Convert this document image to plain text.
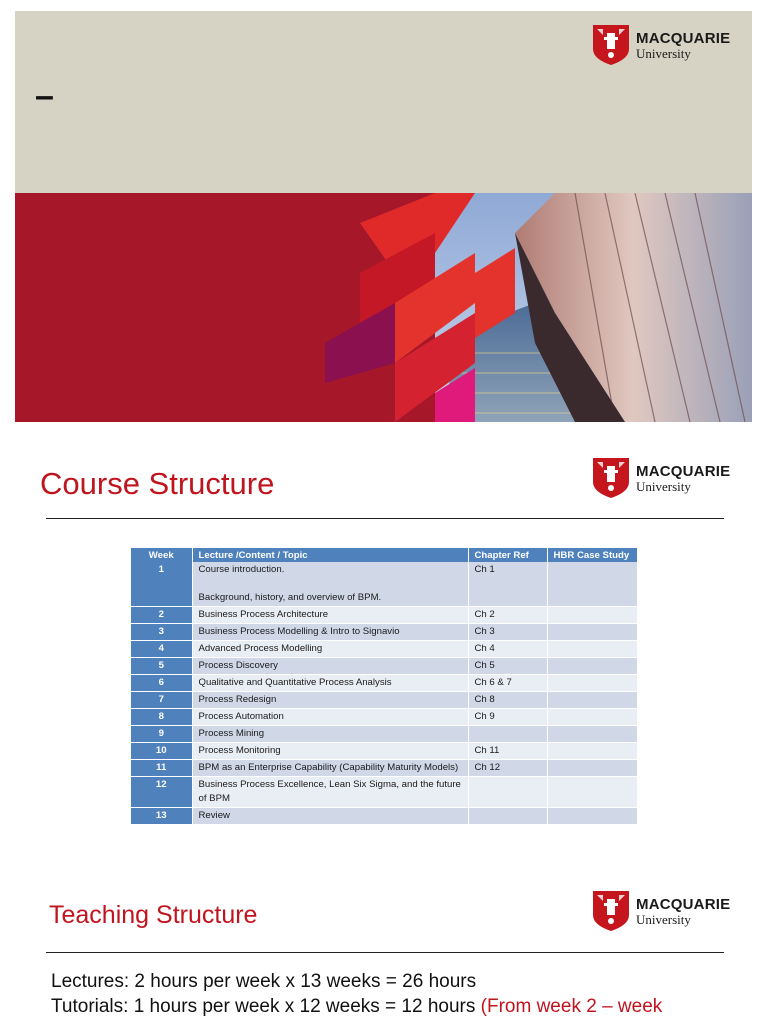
–
MACQUARIE
University
Course Structure	MACQUARIE
University
Week	Lecture /Content / Topic	Chapter Ref	HBR Case Study
1	Course introduction.

Background, history, and overview of BPM.	Ch 1	
2	Business Process Architecture	Ch 2	
3	Business Process Modelling & Intro to Signavio	Ch 3	
4	Advanced Process Modelling	Ch 4	
5	Process Discovery	Ch 5	
6	Qualitative and Quantitative Process Analysis	Ch 6 & 7	
7	Process Redesign	Ch 8	
8	Process Automation	Ch 9	
9	Process Mining		
10	Process Monitoring	Ch 11	
11	BPM as an Enterprise Capability (Capability Maturity Models)	Ch 12	
12	Business Process Excellence, Lean Six Sigma, and the future of BPM		
13	Review		
Teaching Structure	MACQUARIE
University
Lectures: 2 hours per week x 13 weeks = 26 hours
Tutorials: 1 hours per week x 12 weeks = 12 hours (From week 2 – week
